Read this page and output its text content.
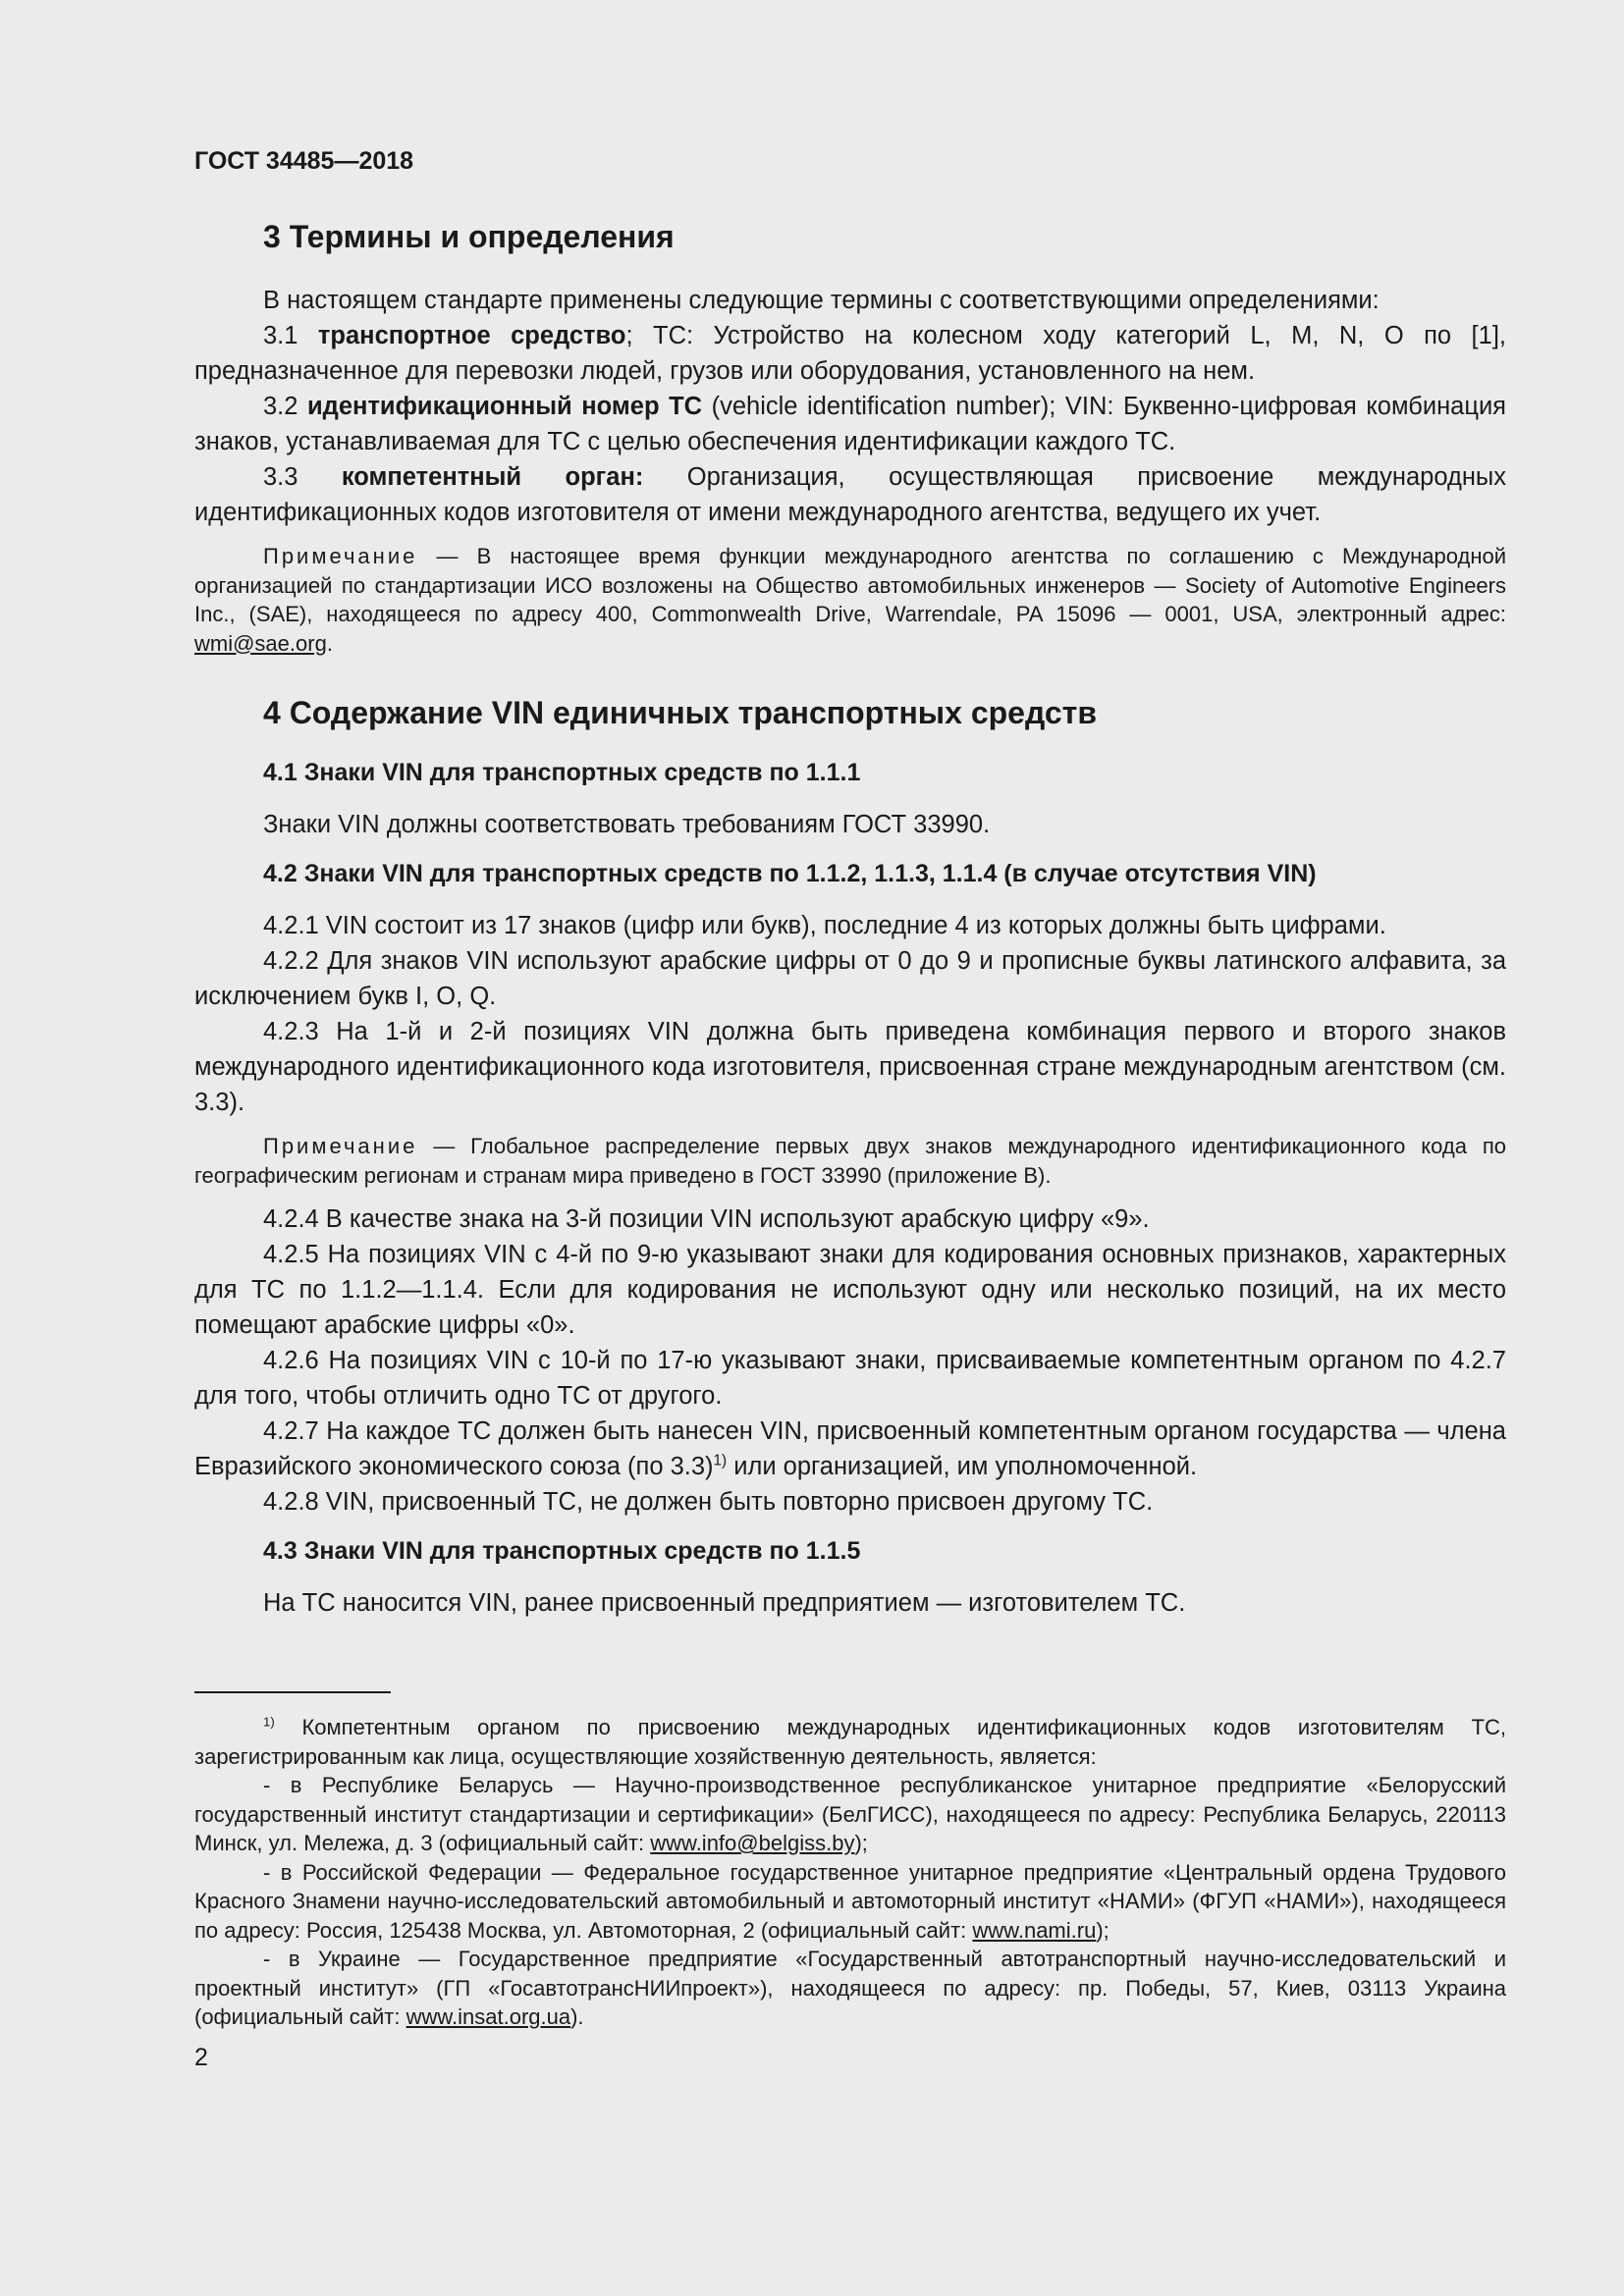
ГОСТ 34485—2018
3 Термины и определения

В настоящем стандарте применены следующие термины с соответствующими определениями:

3.1 транспортное средство; ТС: Устройство на колесном ходу категорий L, M, N, O по [1], предназначенное для перевозки людей, грузов или оборудования, установленного на нем.

3.2 идентификационный номер ТС (vehicle identification number); VIN: Буквенно-цифровая комбинация знаков, устанавливаемая для ТС с целью обеспечения идентификации каждого ТС.

3.3 компетентный орган: Организация, осуществляющая присвоение международных идентификационных кодов изготовителя от имени международного агентства, ведущего их учет.

Примечание — В настоящее время функции международного агентства по соглашению с Международной организацией по стандартизации ИСО возложены на Общество автомобильных инженеров — Society of Automotive Engineers Inc., (SAE), находящееся по адресу 400, Commonwealth Drive, Warrendale, PA 15096 — 0001, USA, электронный адрес: wmi@sae.org.
4 Содержание VIN единичных транспортных средств
4.1 Знаки VIN для транспортных средств по 1.1.1

Знаки VIN должны соответствовать требованиям ГОСТ 33990.

4.2 Знаки VIN для транспортных средств по 1.1.2, 1.1.3, 1.1.4 (в случае отсутствия VIN)

4.2.1 VIN состоит из 17 знаков (цифр или букв), последние 4 из которых должны быть цифрами.

4.2.2 Для знаков VIN используют арабские цифры от 0 до 9 и прописные буквы латинского алфавита, за исключением букв I, O, Q.

4.2.3 На 1-й и 2-й позициях VIN должна быть приведена комбинация первого и второго знаков международного идентификационного кода изготовителя, присвоенная стране международным агентством (см. 3.3).

Примечание — Глобальное распределение первых двух знаков международного идентификационного кода по географическим регионам и странам мира приведено в ГОСТ 33990 (приложение B).

4.2.4 В качестве знака на 3-й позиции VIN используют арабскую цифру «9».

4.2.5 На позициях VIN с 4-й по 9-ю указывают знаки для кодирования основных признаков, характерных для ТС по 1.1.2—1.1.4. Если для кодирования не используют одну или несколько позиций, на их место помещают арабские цифры «0».

4.2.6 На позициях VIN с 10-й по 17-ю указывают знаки, присваиваемые компетентным органом по 4.2.7 для того, чтобы отличить одно ТС от другого.

4.2.7 На каждое ТС должен быть нанесен VIN, присвоенный компетентным органом государства — члена Евразийского экономического союза (по 3.3)$^{1)}$ или организацией, им уполномоченной.

4.2.8 VIN, присвоенный ТС, не должен быть повторно присвоен другому ТС.

4.3 Знаки VIN для транспортных средств по 1.1.5

На ТС наносится VIN, ранее присвоенный предприятием — изготовителем ТС.

$^{1)}$ Компетентным органом по присвоению международных идентификационных кодов изготовителям ТС, зарегистрированным как лица, осуществляющие хозяйственную деятельность, является:

- в Республике Беларусь — Научно-производственное республиканское унитарное предприятие «Белорусский государственный институт стандартизации и сертификации» (БелГИСС), находящееся по адресу: Республика Беларусь, 220113 Минск, ул. Мележа, д. 3 (официальный сайт: www.info@belgiss.by);

- в Российской Федерации — Федеральное государственное унитарное предприятие «Центральный ордена Трудового Красного Знамени научно-исследовательский автомобильный и автомоторный институт «НАМИ» (ФГУП «НАМИ»), находящееся по адресу: Россия, 125438 Москва, ул. Автомоторная, 2 (официальный сайт: www.nami.ru);

- в Украине — Государственное предприятие «Государственный автотранспортный научно-исследовательский и проектный институт» (ГП «ГосавтотрансНИИпроект»), находящееся по адресу: пр. Победы, 57, Киев, 03113 Украина (официальный сайт: www.insat.org.ua).

2
